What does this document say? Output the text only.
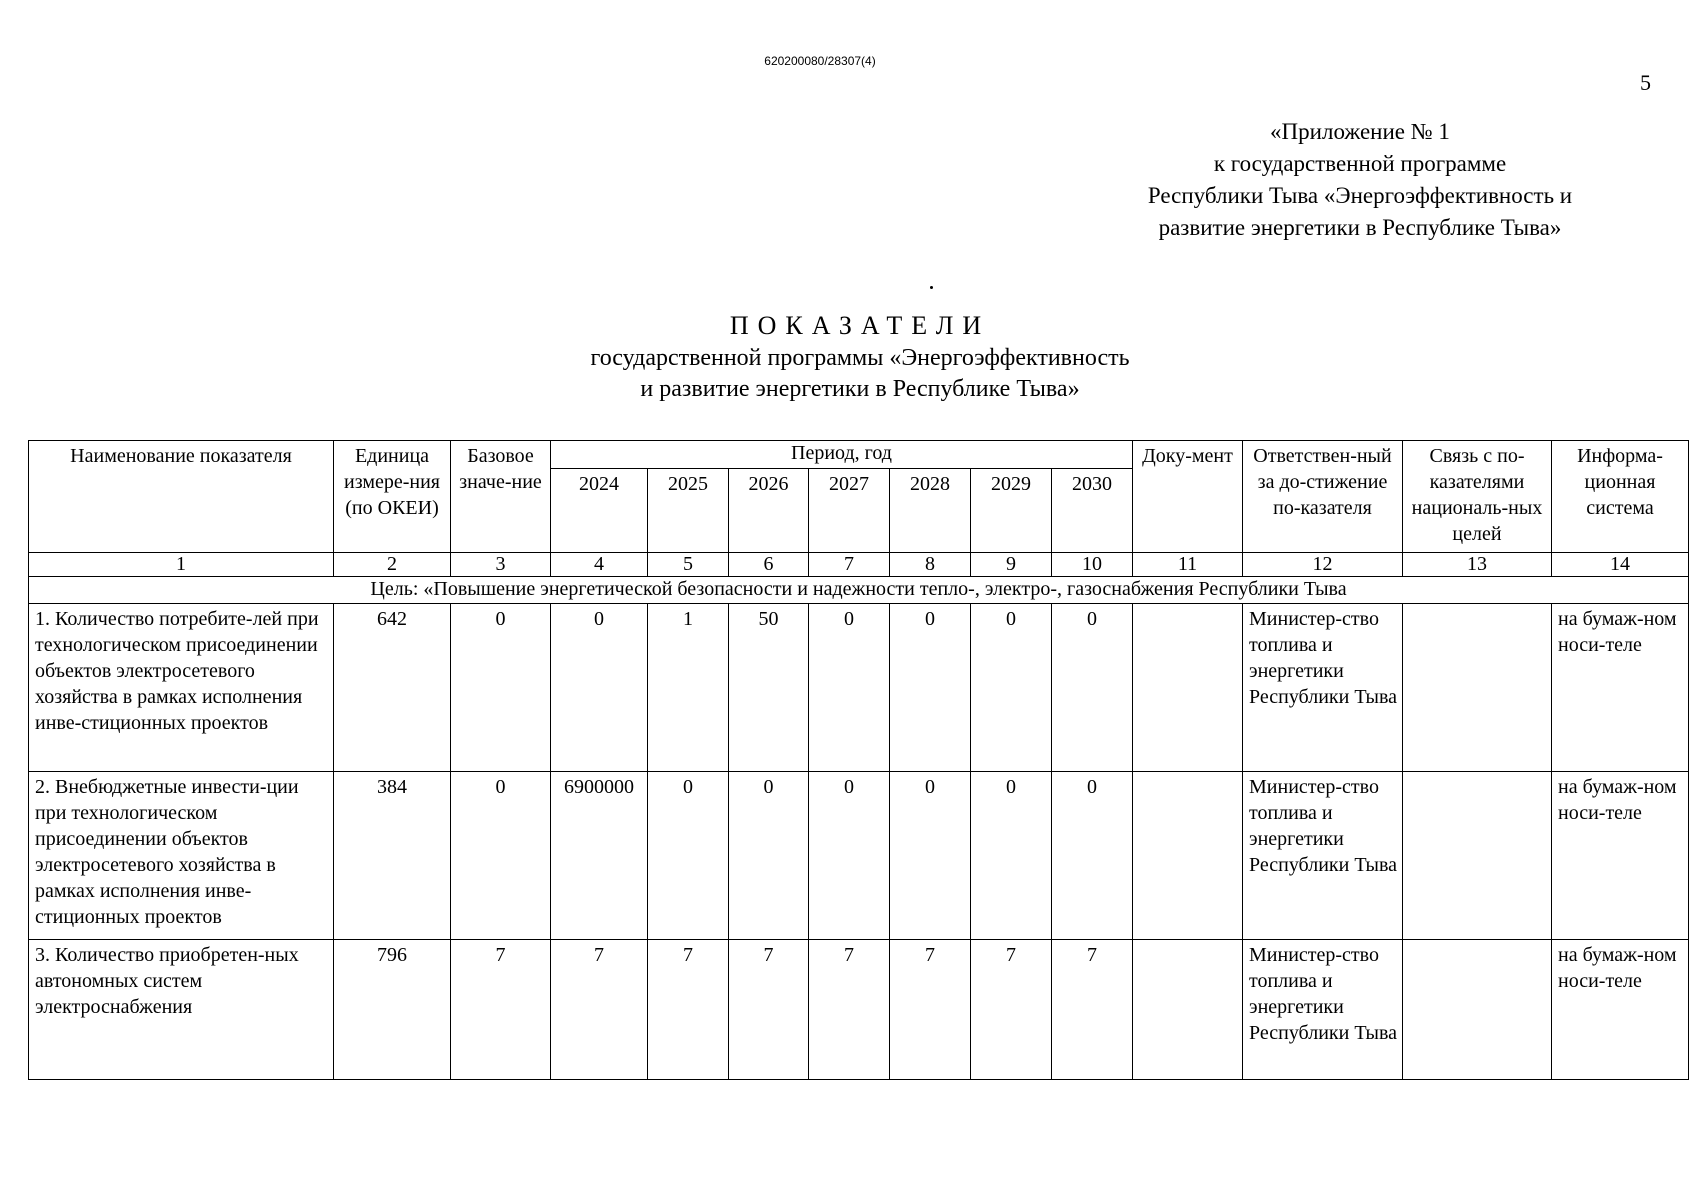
620200080/28307(4)
5
«Приложение № 1
к государственной программе
Республики Тыва «Энергоэффективность и
развитие энергетики в Республике Тыва»
ПОКАЗАТЕЛИ
государственной программы «Энергоэффективность
и развитие энергетики в Республике Тыва»
Наименование показателя	Единица измере-ния (по ОКЕИ)	Базовое значе-ние	Период, год							Доку-мент	Ответствен-ный за до-стижение по-казателя	Связь с по-казателями националь-ных целей	Информа-ционная система
			2024	2025	2026	2027	2028	2029	2030				
1	2	3	4	5	6	7	8	9	10	11	12	13	14
Цель: «Повышение энергетической безопасности и надежности тепло-, электро-, газоснабжения Республики Тыва													
1. Количество потребите-лей при технологическом присоединении объектов электросетевого хозяйства в рамках исполнения инве-стиционных проектов	642	0	0	1	50	0	0	0	0		Министер-ство топлива и энергетики Республики Тыва		на бумаж-ном носи-теле
2. Внебюджетные инвести-ции при технологическом присоединении объектов электросетевого хозяйства в рамках исполнения инве-стиционных проектов	384	0	6900000	0	0	0	0	0	0		Министер-ство топлива и энергетики Республики Тыва		на бумаж-ном носи-теле
3. Количество приобретен-ных автономных систем электроснабжения	796	7	7	7	7	7	7	7	7		Министер-ство топлива и энергетики Республики Тыва		на бумаж-ном носи-теле
